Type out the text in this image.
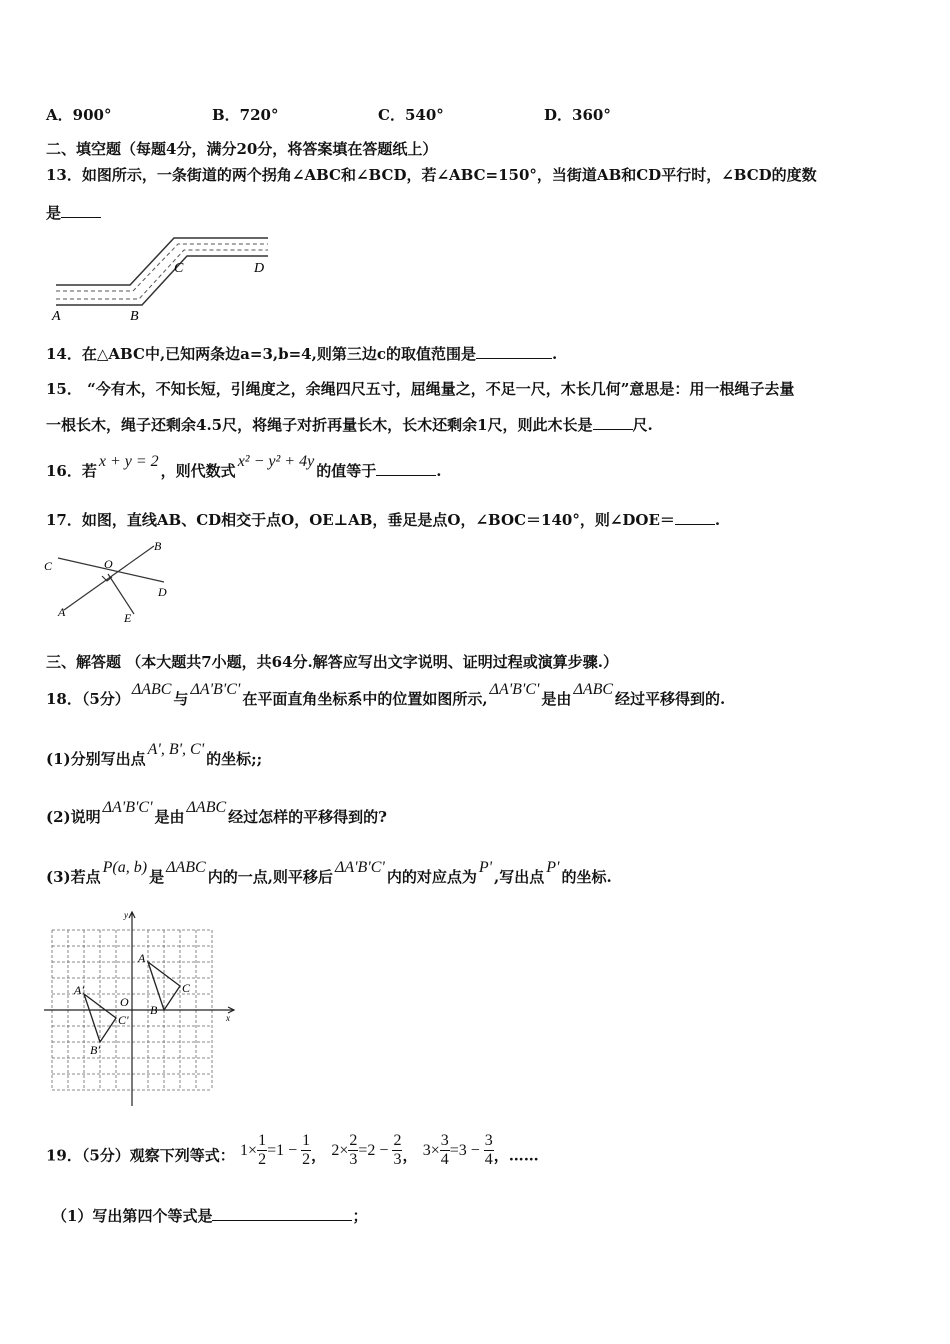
A．900°	B．720°	C．540°	D．360°
二、填空题（每题4分，满分20分，将答案填在答题纸上）
13．如图所示，一条街道的两个拐角∠ABC和∠BCD，若∠ABC=150°，当街道AB和CD平行时，∠BCD的度数
是
A	B
C	D
14．在△ABC中,已知两条边a=3,b=4,则第三边c的取值范围是	.
15． “今有木，不知长短，引绳度之，余绳四尺五寸，屈绳量之，不足一尺，木长几何”意思是：用一根绳子去量
一根长木，绳子还剩余4.5尺，将绳子对折再量长木，长木还剩余1尺，则此木长是	尺.
16．若x + y = 2，则代数式x² − y² + 4y的值等于	.
17．如图，直线AB、CD相交于点O，OE⊥AB，垂足是点O，∠BOC＝140°，则∠DOE＝	.
B
C	O
D
A	E
三、解答题 （本大题共7小题，共64分.解答应写出文字说明、证明过程或演算步骤.）
18．（5分）ΔABC与ΔA'B'C'在平面直角坐标系中的位置如图所示,ΔA'B'C'是由ΔABC经过平移得到的.
(1)分别写出点A', B', C'的坐标;;
(2)说明ΔA'B'C'是由ΔABC经过怎样的平移得到的?
(3)若点P(a, b)是ΔABC内的一点,则平移后ΔA'B'C'内的对应点为P',写出点P'的坐标.
x
y
O
A
B
C
A'
B'
C'
19．（5分）观察下列等式： $1\times \frac{1}{2} =1 - \frac{1}{2}$ ， $2\times \frac{2}{3} =2 - \frac{2}{3}$ ， $3\times \frac{3}{4} =3 - \frac{3}{4}$ ，……
（1）写出第四个等式是	；
